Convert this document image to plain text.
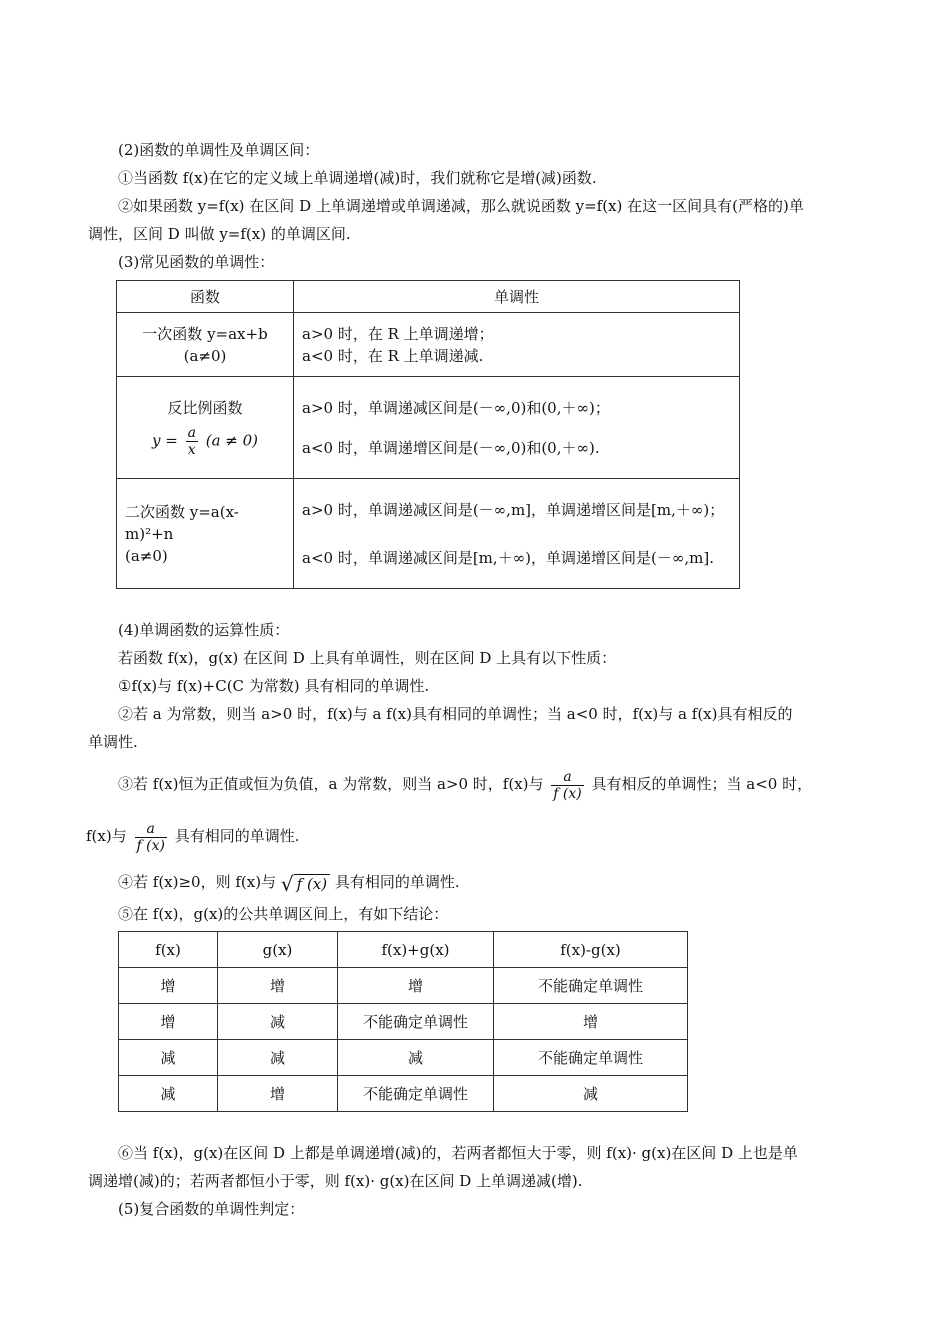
(2)函数的单调性及单调区间：
①当函数 f(x)在它的定义域上单调递增(减)时，我们就称它是增(减)函数.
②如果函数 y=f(x) 在区间 D 上单调递增或单调递减，那么就说函数 y=f(x) 在这一区间具有(严格的)单
调性，区间 D 叫做 y=f(x) 的单调区间.
(3)常见函数的单调性：
函数	单调性

一次函数 y=ax+b
(a≠0)	a>0 时，在 R 上单调递增；
a<0 时，在 R 上单调递减.

反比例函数
$y = \frac{a}{x} (a \ne 0)$	a>0 时，单调递减区间是(－∞,0)和(0,＋∞)；
a<0 时，单调递增区间是(－∞,0)和(0,＋∞).

二次函数 y=a(x-m)²+n
(a≠0)	a>0 时，单调递减区间是(－∞,m]，单调递增区间是[m,＋∞)；
a<0 时，单调递减区间是[m,＋∞)，单调递增区间是(－∞,m].
(4)单调函数的运算性质：
若函数 f(x)，g(x) 在区间 D 上具有单调性，则在区间 D 上具有以下性质：
①f(x)与 f(x)+C(C 为常数) 具有相同的单调性.
②若 a 为常数，则当 a>0 时，f(x)与 a f(x)具有相同的单调性；当 a<0 时，f(x)与 a f(x)具有相反的
单调性.
③若 f(x)恒为正值或恒为负值，a 为常数，则当 a>0 时，f(x)与 $\frac{a}{f (x)}$ 具有相反的单调性；当 a<0 时，
f(x)与 $\frac{a}{f (x)}$ 具有相同的单调性.
④若 f(x)≥0，则 f(x)与 √ f (x) 具有相同的单调性.
⑤在 f(x)，g(x)的公共单调区间上，有如下结论：
f(x)	g(x)	f(x)+g(x)	f(x)-g(x)
增	增	增	不能确定单调性
增	减	不能确定单调性	增
减	减	减	不能确定单调性
减	增	不能确定单调性	减
⑥当 f(x)，g(x)在区间 D 上都是单调递增(减)的，若两者都恒大于零，则 f(x)· g(x)在区间 D 上也是单
调递增(减)的；若两者都恒小于零，则 f(x)· g(x)在区间 D 上单调递减(增).
(5)复合函数的单调性判定：
